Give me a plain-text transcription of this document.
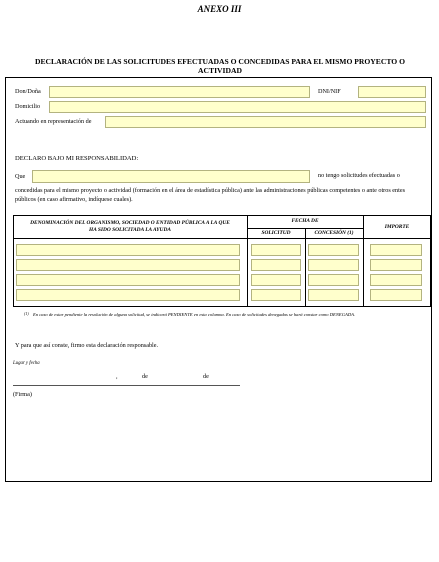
ANEXO III
DECLARACIÓN DE LAS SOLICITUDES EFECTUADAS O CONCEDIDAS PARA EL MISMO PROYECTO O ACTIVIDAD
Don/Doña	DNI/NIF
Domicilio
Actuando en representación de
DECLARO BAJO MI RESPONSABILIDAD:
Que	no tengo solicitudes efectuadas o
concedidas para el mismo proyecto o actividad (formación en el área de estadística pública) ante las administraciones públicas competentes o ante otros entes públicos (en caso afirmativo, indíquese cuales).
DENOMINACIÓN DEL ORGANISMO, SOCIEDAD O ENTIDAD PÚBLICA A LA QUE HA SIDO SOLICITADA LA AYUDA
FECHA DE
SOLICITUD	CONCESIÓN (1)
IMPORTE
(1) En caso de estar pendiente la resolución de alguna solicitud, se indicará PENDIENTE en esta columna. En caso de solicitudes denegadas se hará constar como DENEGADA.
Y para que así conste, firmo esta declaración responsable.
Lugar y fecha
,	de	de
(Firma)
